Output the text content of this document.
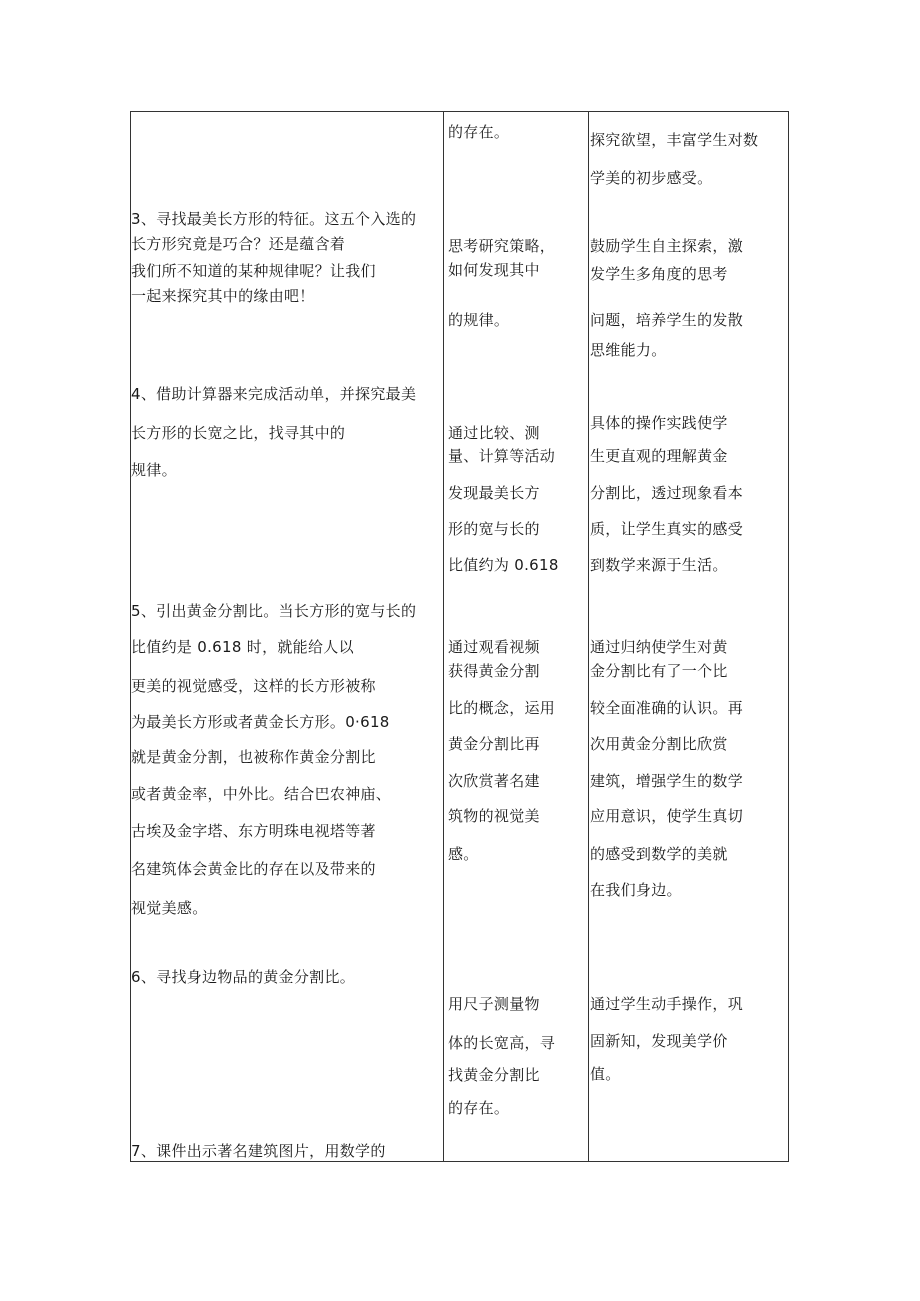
3、寻找最美长方形的特征。这五个入选的
长方形究竟是巧合？还是蕴含着
我们所不知道的某种规律呢？让我们
一起来探究其中的缘由吧！
4、借助计算器来完成活动单，并探究最美
长方形的长宽之比，找寻其中的
规律。
5、引出黄金分割比。当长方形的宽与长的
比值约是 0.618 时，就能给人以
更美的视觉感受，这样的长方形被称
为最美长方形或者黄金长方形。0·618
就是黄金分割，也被称作黄金分割比
或者黄金率，中外比。结合巴农神庙、
古埃及金字塔、东方明珠电视塔等著
名建筑体会黄金比的存在以及带来的
视觉美感。
6、寻找身边物品的黄金分割比。
7、课件出示著名建筑图片，用数学的
的存在。
思考研究策略，
如何发现其中
的规律。
通过比较、测
量、计算等活动
发现最美长方
形的宽与长的
比值约为 0.618
通过观看视频
获得黄金分割
比的概念，运用
黄金分割比再
次欣赏著名建
筑物的视觉美
感。
用尺子测量物
体的长宽高，寻
找黄金分割比
的存在。
探究欲望，丰富学生对数
学美的初步感受。
鼓励学生自主探索，激
发学生多角度的思考
问题，培养学生的发散
思维能力。
具体的操作实践使学
生更直观的理解黄金
分割比，透过现象看本
质，让学生真实的感受
到数学来源于生活。
通过归纳使学生对黄
金分割比有了一个比
较全面准确的认识。再
次用黄金分割比欣赏
建筑，增强学生的数学
应用意识，使学生真切
的感受到数学的美就
在我们身边。
通过学生动手操作，巩
固新知，发现美学价
值。
